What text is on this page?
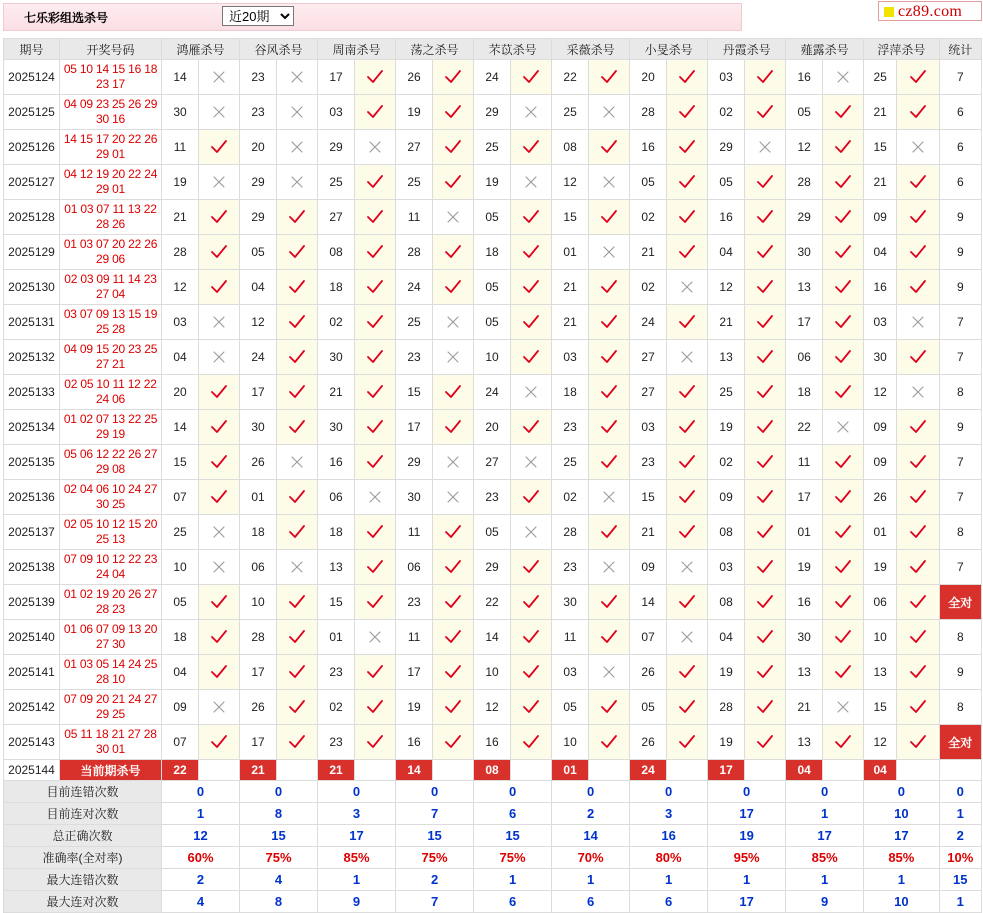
七乐彩组选杀号
近20期	cz89.com
期号	开奖号码	鸿雁杀号		谷风杀号		周南杀号		荡之杀号		芣苡杀号		采薇杀号		小旻杀号		丹霞杀号		薤露杀号		浮萍杀号		统计
2025124	05 10 14 15 16 18 23 17	14		23		17		26		24		22		20		03		16		25		7
2025125	04 09 23 25 26 29 30 16	30		23		03		19		29		25		28		02		05		21		6
2025126	14 15 17 20 22 26 29 01	11		20		29		27		25		08		16		29		12		15		6
2025127	04 12 19 20 22 24 29 01	19		29		25		25		19		12		05		05		28		21		6
2025128	01 03 07 11 13 22 28 26	21		29		27		11		05		15		02		16		29		09		9
2025129	01 03 07 20 22 26 29 06	28		05		08		28		18		01		21		04		30		04		9
2025130	02 03 09 11 14 23 27 04	12		04		18		24		05		21		02		12		13		16		9
2025131	03 07 09 13 15 19 25 28	03		12		02		25		05		21		24		21		17		03		7
2025132	04 09 15 20 23 25 27 21	04		24		30		23		10		03		27		13		06		30		7
2025133	02 05 10 11 12 22 24 06	20		17		21		15		24		18		27		25		18		12		8
2025134	01 02 07 13 22 25 29 19	14		30		30		17		20		23		03		19		22		09		9
2025135	05 06 12 22 26 27 29 08	15		26		16		29		27		25		23		02		11		09		7
2025136	02 04 06 10 24 27 30 25	07		01		06		30		23		02		15		09		17		26		7
2025137	02 05 10 12 15 20 25 13	25		18		18		11		05		28		21		08		01		01		8
2025138	07 09 10 12 22 23 24 04	10		06		13		06		29		23		09		03		19		19		7
2025139	01 02 19 20 26 27 28 23	05		10		15		23		22		30		14		08		16		06		全对
2025140	01 06 07 09 13 20 27 30	18		28		01		11		14		11		07		04		30		10		8
2025141	01 03 05 14 24 25 28 10	04		17		23		17		10		03		26		19		13		13		9
2025142	07 09 20 21 24 27 29 25	09		26		02		19		12		05		05		28		21		15		8
2025143	05 11 18 21 27 28 30 01	07		17		23		16		16		10		26		19		13		12		全对
2025144	当前期杀号	22		21		21		14		08		01		24		17		04		04		
目前连错次数		0		0		0		0		0		0		0		0		0		0		0
目前连对次数		1		8		3		7		6		2		3		17		1		10		1
总正确次数		12		15		17		15		15		14		16		19		17		17		2
准确率(全对率)		60%		75%		85%		75%		75%		70%		80%		95%		85%		85%		10%
最大连错次数		2		4		1		2		1		1		1		1		1		1		15
最大连对次数		4		8		9		7		6		6		6		17		9		10		1
